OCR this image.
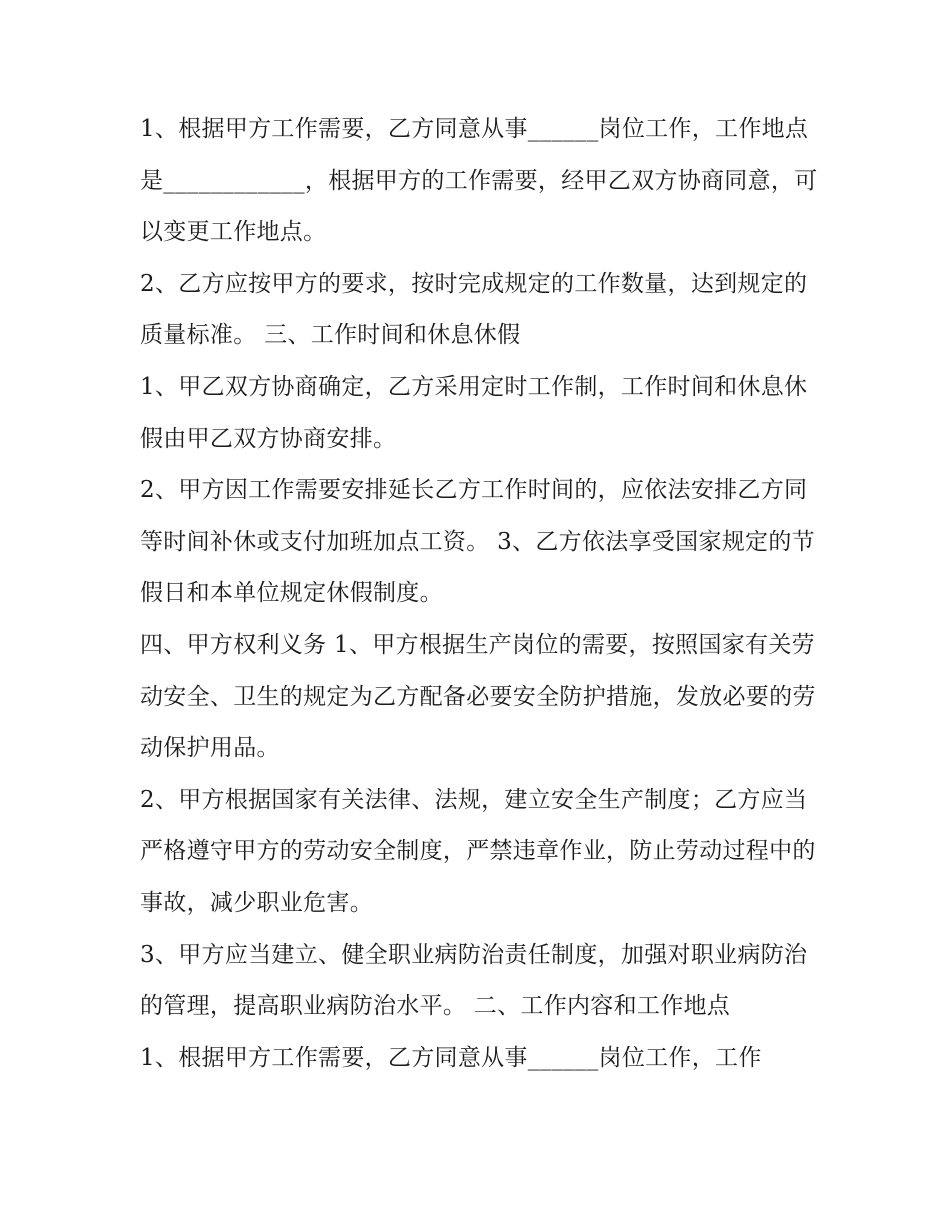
1、根据甲方工作需要，乙方同意从事______岗位工作，工作地点是____________，根据甲方的工作需要，经甲乙双方协商同意，可以变更工作地点。

2、乙方应按甲方的要求，按时完成规定的工作数量，达到规定的质量标准。 三、工作时间和休息休假

1、甲乙双方协商确定，乙方采用定时工作制，工作时间和休息休假由甲乙双方协商安排。

2、甲方因工作需要安排延长乙方工作时间的，应依法安排乙方同等时间补休或支付加班加点工资。 3、乙方依法享受国家规定的节假日和本单位规定休假制度。

四、甲方权利义务 1、甲方根据生产岗位的需要，按照国家有关劳动安全、卫生的规定为乙方配备必要安全防护措施，发放必要的劳动保护用品。

2、甲方根据国家有关法律、法规，建立安全生产制度；乙方应当严格遵守甲方的劳动安全制度，严禁违章作业，防止劳动过程中的事故，减少职业危害。

3、甲方应当建立、健全职业病防治责任制度，加强对职业病防治的管理，提高职业病防治水平。 二、工作内容和工作地点

1、根据甲方工作需要，乙方同意从事______岗位工作，工作
